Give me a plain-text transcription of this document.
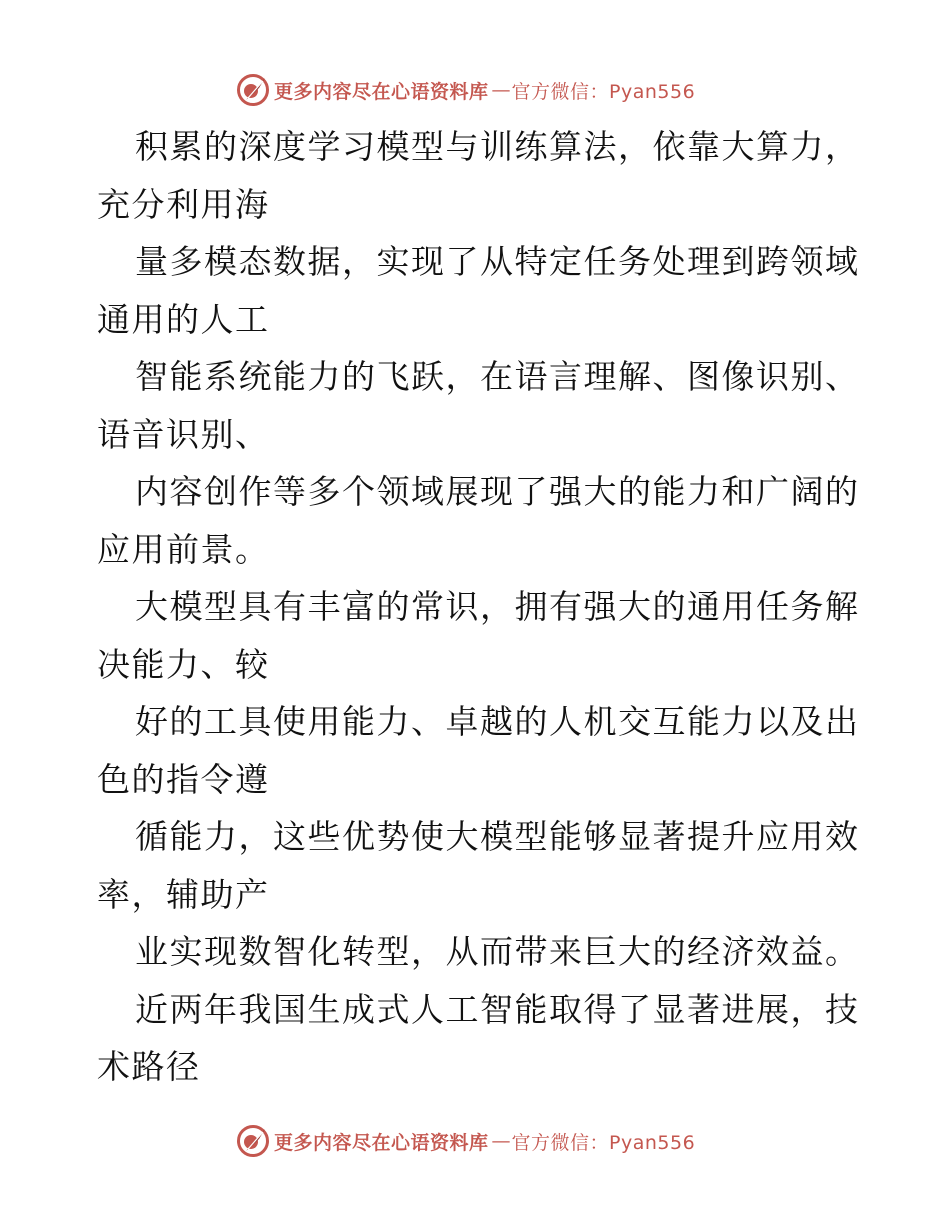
更多内容尽在心语资料库 — 官方微信：Pyan556
积累的深度学习模型与训练算法，依靠大算力，
充分利用海
量多模态数据，实现了从特定任务处理到跨领域
通用的人工
智能系统能力的飞跃，在语言理解、图像识别、
语音识别、
内容创作等多个领域展现了强大的能力和广阔的
应用前景。
大模型具有丰富的常识，拥有强大的通用任务解
决能力、较
好的工具使用能力、卓越的人机交互能力以及出
色的指令遵
循能力，这些优势使大模型能够显著提升应用效
率，辅助产
业实现数智化转型，从而带来巨大的经济效益。
近两年我国生成式人工智能取得了显著进展，技
术路径
更多内容尽在心语资料库 — 官方微信：Pyan556
